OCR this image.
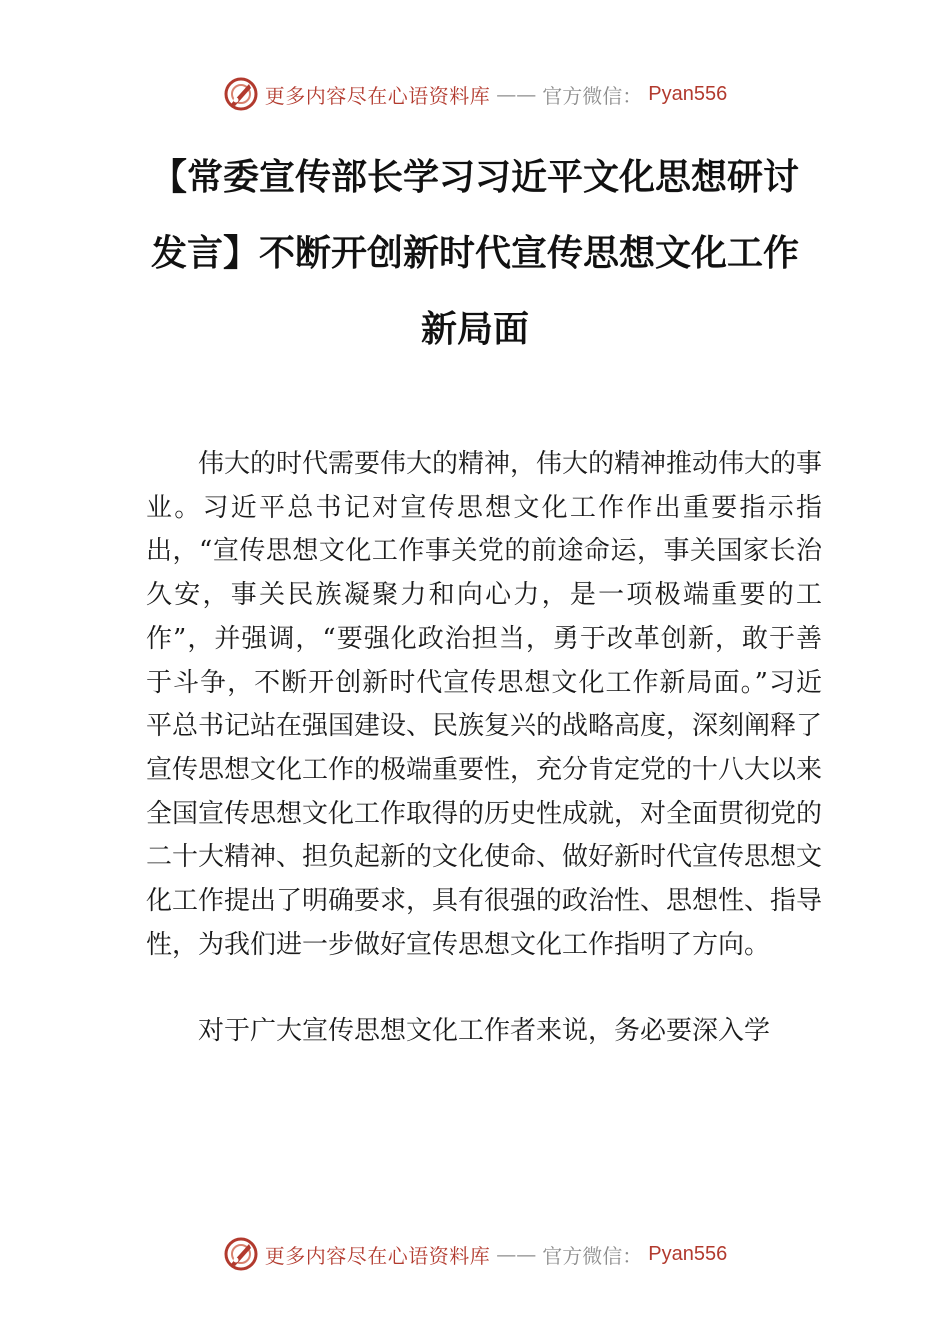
更多内容尽在心语资料库 —— 官方微信： Pyan556
【常委宣传部长学习习近平文化思想研讨发言】不断开创新时代宣传思想文化工作新局面

伟大的时代需要伟大的精神，伟大的精神推动伟大的事业。习近平总书记对宣传思想文化工作作出重要指示指出，“宣传思想文化工作事关党的前途命运，事关国家长治久安，事关民族凝聚力和向心力，是一项极端重要的工作”，并强调，“要强化政治担当，勇于改革创新，敢于善于斗争，不断开创新时代宣传思想文化工作新局面。”习近平总书记站在强国建设、民族复兴的战略高度，深刻阐释了宣传思想文化工作的极端重要性，充分肯定党的十八大以来全国宣传思想文化工作取得的历史性成就，对全面贯彻党的二十大精神、担负起新的文化使命、做好新时代宣传思想文化工作提出了明确要求，具有很强的政治性、思想性、指导性，为我们进一步做好宣传思想文化工作指明了方向。

对于广大宣传思想文化工作者来说，务必要深入学

更多内容尽在心语资料库 —— 官方微信： Pyan556
